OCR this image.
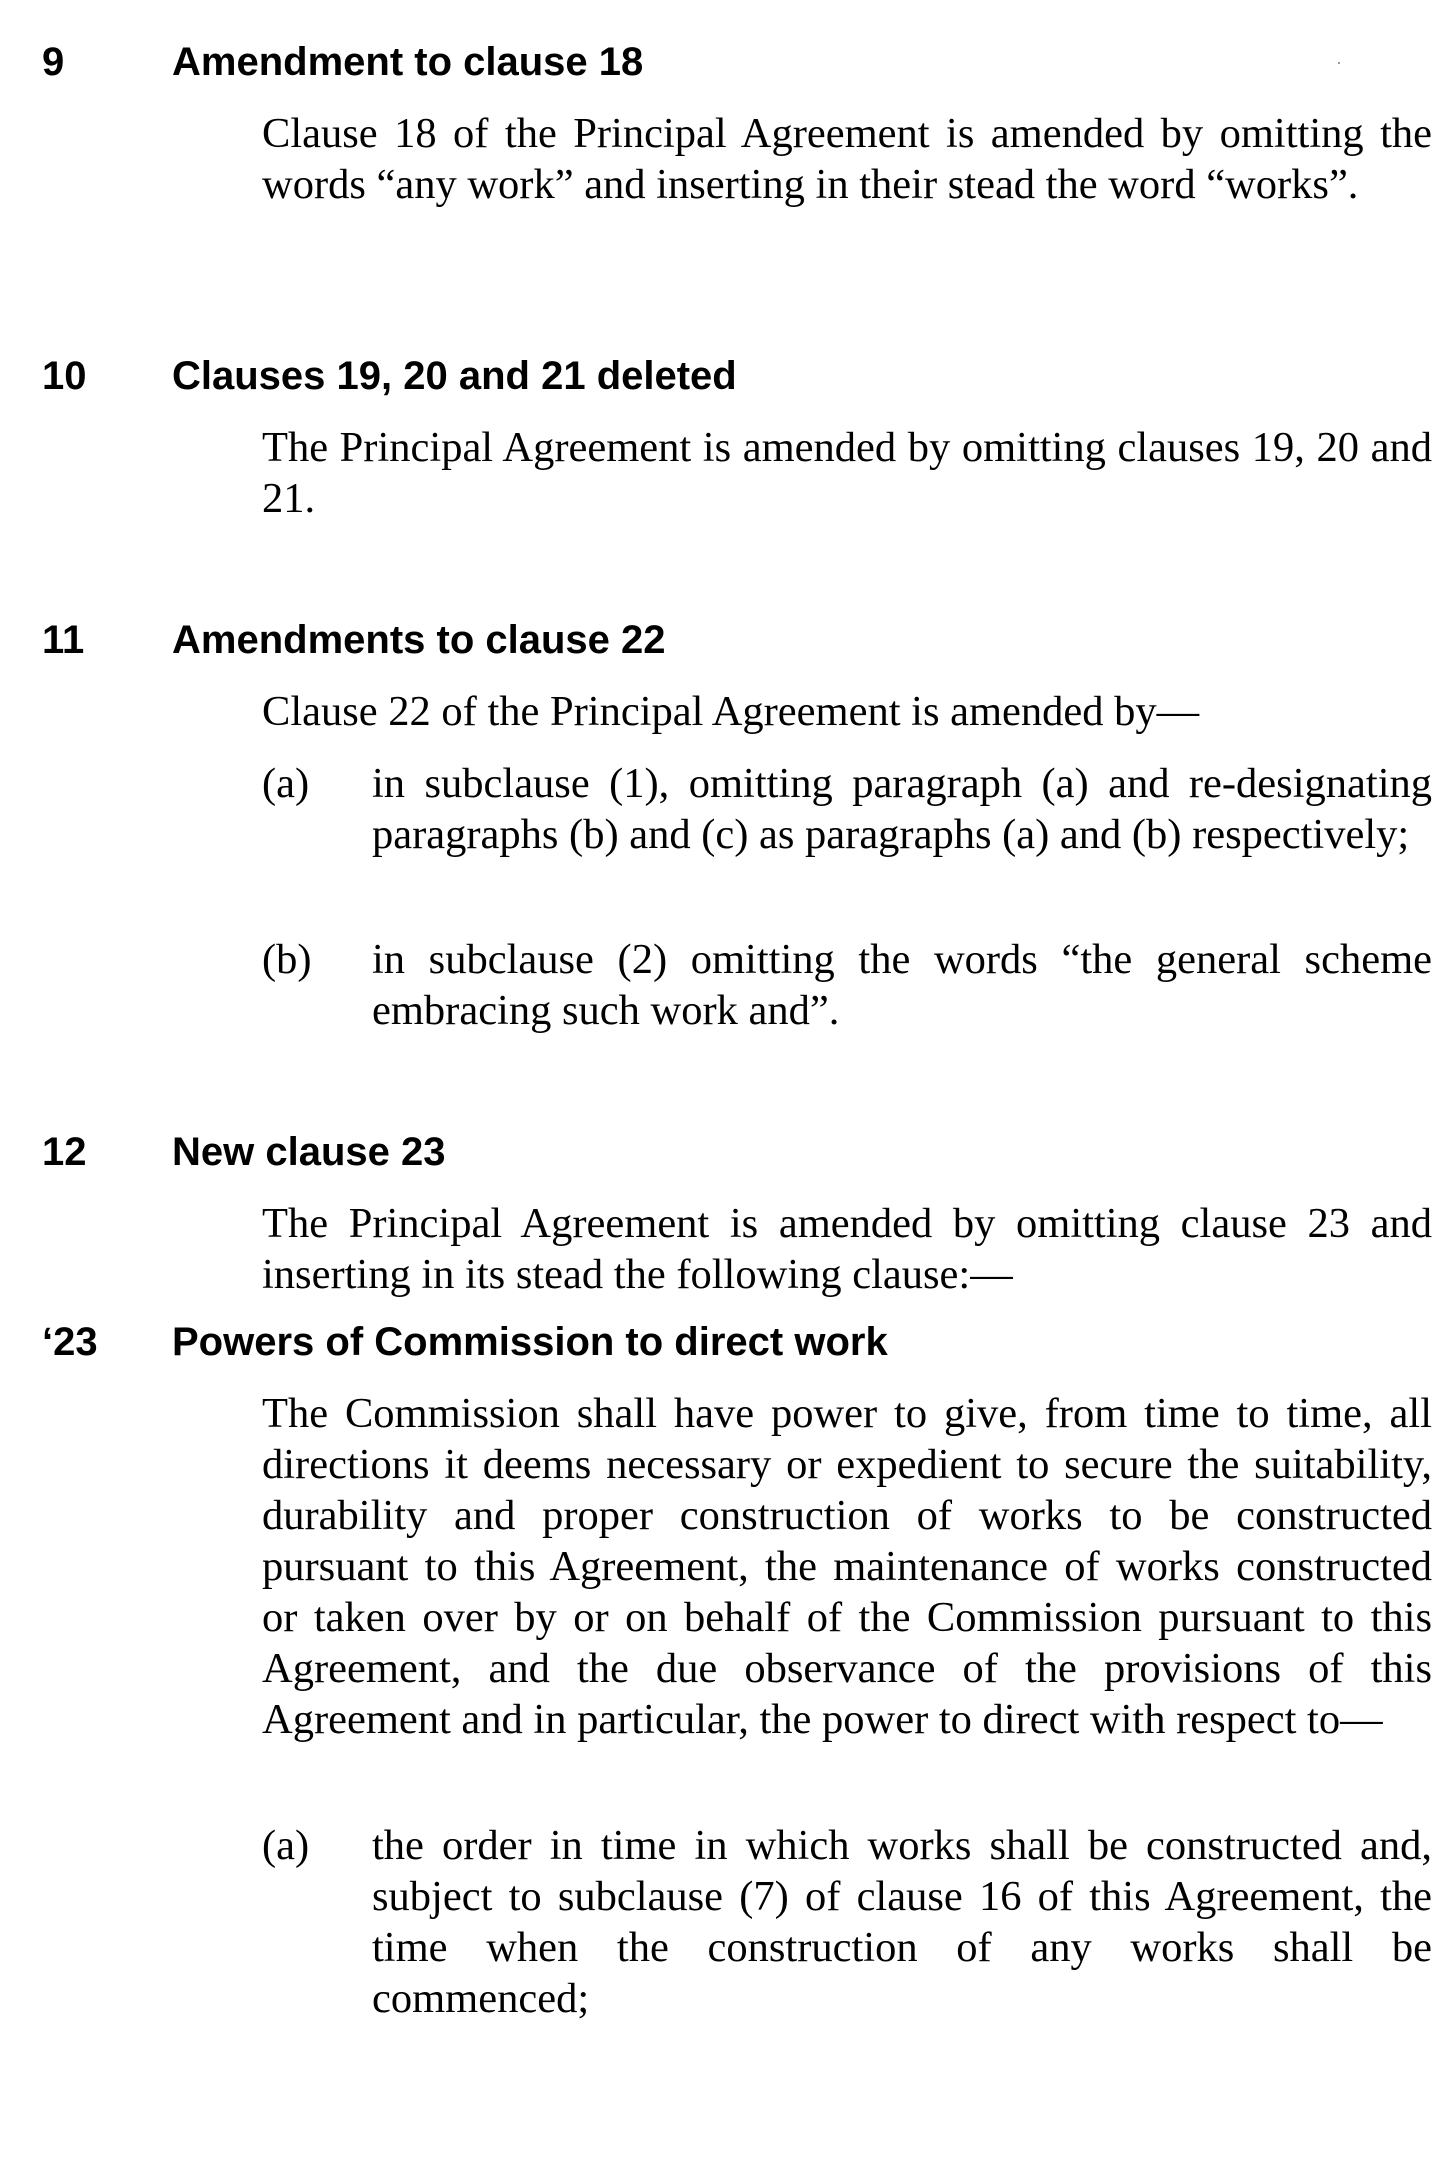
9	Amendment to clause 18

Clause 18 of the Principal Agreement is amended by omitting the words “any work” and inserting in their stead the word “works”.

10 Clauses 19, 20 and 21 deleted

The Principal Agreement is amended by omitting clauses 19, 20 and 21.

11 Amendments to clause 22

Clause 22 of the Principal Agreement is amended by—

(a)	in subclause (1), omitting paragraph (a) and re-designating paragraphs (b) and (c) as paragraphs (a) and (b) respectively;

(b)	in subclause (2) omitting the words “the general scheme embracing such work and”.

12 New clause 23

The Principal Agreement is amended by omitting clause 23 and inserting in its stead the following clause:—

‘23 Powers of Commission to direct work

The Commission shall have power to give, from time to time, all directions it deems necessary or expedient to secure the suitability, durability and proper construction of works to be constructed pursuant to this Agreement, the maintenance of works constructed or taken over by or on behalf of the Commission pursuant to this Agreement, and the due observance of the provisions of this Agreement and in particular, the power to direct with respect to—

(a)	the order in time in which works shall be constructed and, subject to subclause (7) of clause 16 of this Agreement, the time when the construction of any works shall be commenced;
